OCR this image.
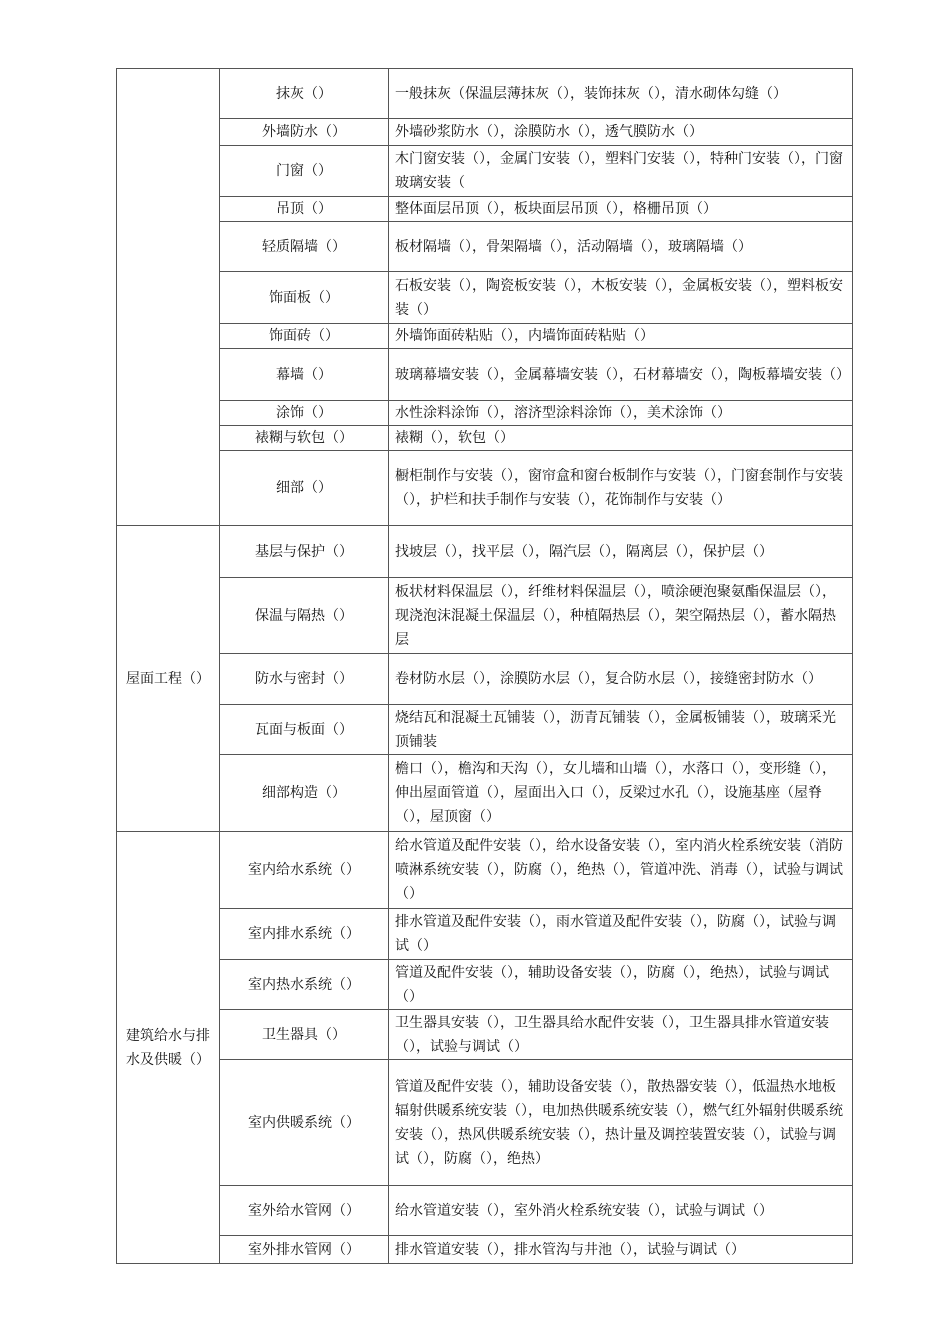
	抹灰（）	一般抹灰（保温层薄抹灰（），装饰抹灰（），清水砌体勾缝（）
	外墙防水（）	外墙砂浆防水（），涂膜防水（），透气膜防水（）
	门窗（）	木门窗安装（），金属门安装（），塑料门安装（），特种门安装（），门窗玻璃安装（
	吊顶（）	整体面层吊顶（），板块面层吊顶（），格栅吊顶（）
	轻质隔墙（）	板材隔墙（），骨架隔墙（），活动隔墙（），玻璃隔墙（）
	饰面板（）	石板安装（），陶瓷板安装（），木板安装（），金属板安装（），塑料板安装（）
	饰面砖（）	外墙饰面砖粘贴（），内墙饰面砖粘贴（）
	幕墙（）	玻璃幕墙安装（），金属幕墙安装（），石材幕墙安（），陶板幕墙安装（）
	涂饰（）	水性涂料涂饰（），溶济型涂料涂饰（），美术涂饰（）
	裱糊与软包（）	裱糊（），软包（）
	细部（）	橱柜制作与安装（），窗帘盒和窗台板制作与安装（），门窗套制作与安装（），护栏和扶手制作与安装（），花饰制作与安装（）
屋面工程（）	基层与保护（）	找坡层（），找平层（），隔汽层（），隔离层（），保护层（）
	保温与隔热（）	板状材料保温层（），纤维材料保温层（），喷涂硬泡聚氨酯保温层（），现浇泡沫混凝土保温层（），种植隔热层（），架空隔热层（），蓄水隔热层
	防水与密封（）	卷材防水层（），涂膜防水层（），复合防水层（），接缝密封防水（）
	瓦面与板面（）	烧结瓦和混凝土瓦铺装（），沥青瓦铺装（），金属板铺装（），玻璃采光顶铺装
	细部构造（）	檐口（），檐沟和天沟（），女儿墙和山墙（），水落口（），变形缝（），伸出屋面管道（），屋面出入口（），反梁过水孔（），设施基座（屋脊（），屋顶窗（）
建筑给水与排水及供暖（）	室内给水系统（）	给水管道及配件安装（），给水设备安装（），室内消火栓系统安装（消防喷淋系统安装（），防腐（），绝热（），管道冲洗、消毒（），试验与调试（）
	室内排水系统（）	排水管道及配件安装（），雨水管道及配件安装（），防腐（），试验与调试（）
	室内热水系统（）	管道及配件安装（），辅助设备安装（），防腐（），绝热），试验与调试（）
	卫生器具（）	卫生器具安装（），卫生器具给水配件安装（），卫生器具排水管道安装（），试验与调试（）
	室内供暖系统（）	管道及配件安装（），辅助设备安装（），散热器安装（），低温热水地板辐射供暖系统安装（），电加热供暖系统安装（），燃气红外辐射供暖系统安装（），热风供暖系统安装（），热计量及调控装置安装（），试验与调试（），防腐（），绝热）
	室外给水管网（）	给水管道安装（），室外消火栓系统安装（），试验与调试（）
	室外排水管网（）	排水管道安装（），排水管沟与井池（），试验与调试（）
